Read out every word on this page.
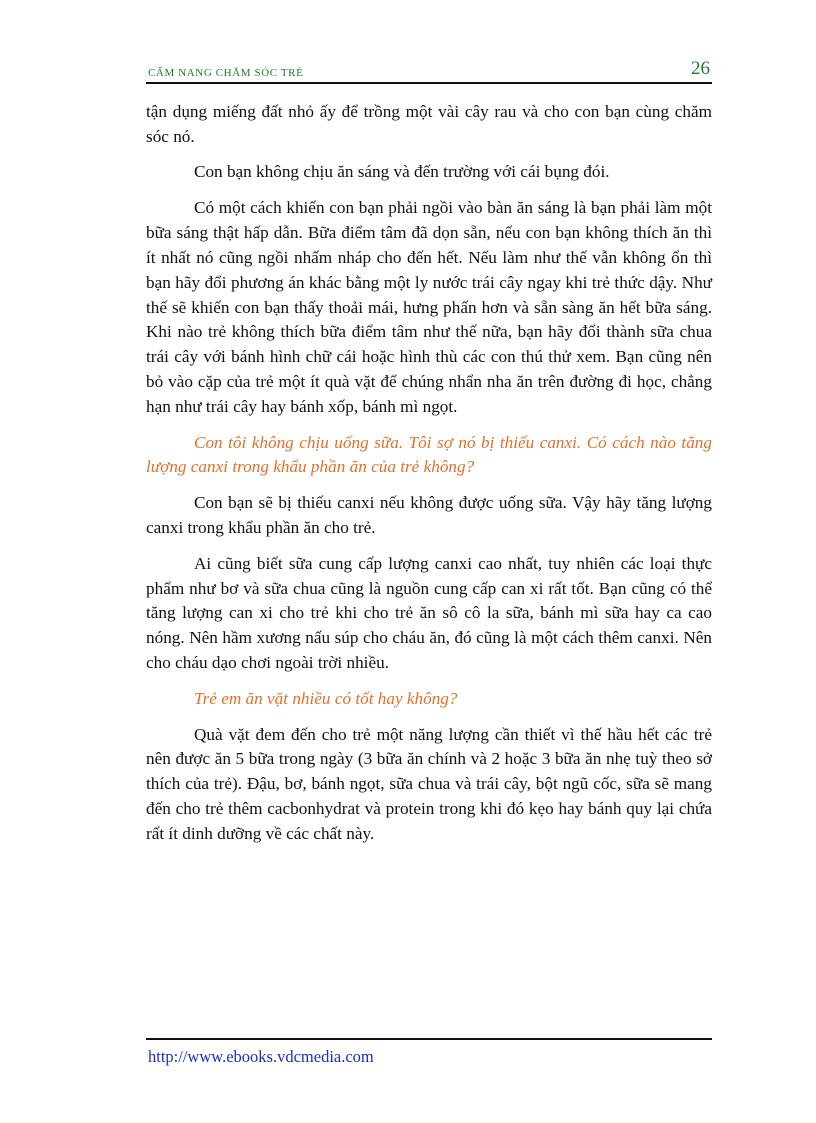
CẨM NANG CHĂM SÓC TRẺ	26

tận dụng miếng đất nhỏ ấy để trồng một vài cây rau và cho con bạn cùng chăm sóc nó.

Con bạn không chịu ăn sáng và đến trường với cái bụng đói.

Có một cách khiến con bạn phải ngồi vào bàn ăn sáng là bạn phải làm một bữa sáng thật hấp dẫn. Bữa điểm tâm đã dọn sẵn, nếu con bạn không thích ăn thì ít nhất nó cũng ngồi nhấm nháp cho đến hết. Nếu làm như thế vẫn không ổn thì bạn hãy đổi phương án khác bằng một ly nước trái cây ngay khi trẻ thức dậy. Như thế sẽ khiến con bạn thấy thoải mái, hưng phấn hơn và sẵn sàng ăn hết bữa sáng. Khi nào trẻ không thích bữa điểm tâm như thế nữa, bạn hãy đổi thành sữa chua trái cây với bánh hình chữ cái hoặc hình thù các con thú thử xem. Bạn cũng nên bỏ vào cặp của trẻ một ít quà vặt để chúng nhẩn nha ăn trên đường đi học, chẳng hạn như trái cây hay bánh xốp, bánh mì ngọt.

Con tôi không chịu uống sữa. Tôi sợ nó bị thiếu canxi. Có cách nào tăng lượng canxi trong khẩu phần ăn của trẻ không?

Con bạn sẽ bị thiếu canxi nếu không được uống sữa. Vậy hãy tăng lượng canxi trong khẩu phần ăn cho trẻ.

Ai cũng biết sữa cung cấp lượng canxi cao nhất, tuy nhiên các loại thực phẩm như bơ và sữa chua cũng là nguồn cung cấp can xi rất tốt. Bạn cũng có thể tăng lượng can xi cho trẻ khi cho trẻ ăn sô cô la sữa, bánh mì sữa hay ca cao nóng. Nên hầm xương nấu súp cho cháu ăn, đó cũng là một cách thêm canxi. Nên cho cháu dạo chơi ngoài trời nhiều.

Trẻ em ăn vặt nhiều có tốt hay không?

Quà vặt đem đến cho trẻ một năng lượng cần thiết vì thế hầu hết các trẻ nên được ăn 5 bữa trong ngày (3 bữa ăn chính và 2 hoặc 3 bữa ăn nhẹ tuỳ theo sở thích của trẻ). Đậu, bơ, bánh ngọt, sữa chua và trái cây, bột ngũ cốc, sữa sẽ mang đến cho trẻ thêm cacbonhydrat và protein trong khi đó kẹo hay bánh quy lại chứa rất ít dinh dưỡng về các chất này.

http://www.ebooks.vdcmedia.com
